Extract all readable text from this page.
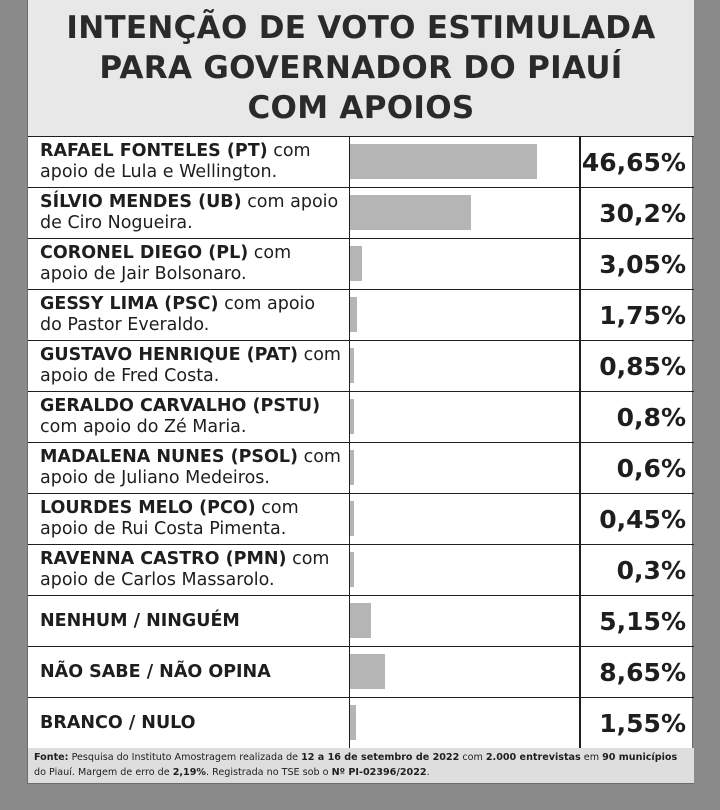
INTENÇÃO DE VOTO ESTIMULADA
PARA GOVERNADOR DO PIAUÍ
COM APOIOS
RAFAEL FONTELES (PT) com
apoio de Lula e Wellington.	46,65%
SÍLVIO MENDES (UB) com apoio
de Ciro Nogueira.	30,2%
CORONEL DIEGO (PL) com
apoio de Jair Bolsonaro.	3,05%
GESSY LIMA (PSC) com apoio
do Pastor Everaldo.	1,75%
GUSTAVO HENRIQUE (PAT) com
apoio de Fred Costa.	0,85%
GERALDO CARVALHO (PSTU)
com apoio do Zé Maria.	0,8%
MADALENA NUNES (PSOL) com
apoio de Juliano Medeiros.	0,6%
LOURDES MELO (PCO) com
apoio de Rui Costa Pimenta.	0,45%
RAVENNA CASTRO (PMN) com
apoio de Carlos Massarolo.	0,3%
NENHUM / NINGUÉM	5,15%
NÃO SABE / NÃO OPINA	8,65%
BRANCO / NULO	1,55%
Fonte: Pesquisa do Instituto Amostragem realizada de 12 a 16 de setembro de 2022 com 2.000 entrevistas em 90 municípios do Piauí. Margem de erro de 2,19%. Registrada no TSE sob o Nº PI-02396/2022.
